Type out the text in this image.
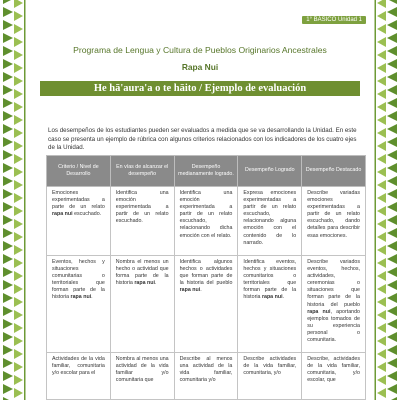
1° BÁSICO Unidad 1
Programa de Lengua y Cultura de Pueblos Originarios Ancestrales
Rapa Nui
He hā'aura'a o te hāito / Ejemplo de evaluación

Los desempeños de los estudiantes pueden ser evaluados a medida que se va desarrollando la Unidad. En este caso se presenta un ejemplo de rúbrica con algunos criterios relacionados con los indicadores de los cuatro ejes de la Unidad.

Criterio / Nivel de Desarrollo	En vías de alcanzar el desempeño	Desempeño medianamente logrado.	Desempeño Logrado	Desempeño Destacado
Emociones experimentadas a parte de un relato rapa nui escuchado.	Identifica una emoción experimentada a partir de un relato escuchado.	Identifica una emoción experimentada a partir de un relato escuchado, relacionando dicha emoción con el relato.	Expresa emociones experimentadas a partir de un relato escuchado, relacionando alguna emoción con el contenido de lo narrado.	Describe variadas emociones experimentadas a partir de un relato escuchado, dando detalles para describir esas emociones.
Eventos, hechos y situaciones comunitarias o territoriales que forman parte de la historia rapa nui.	Nombra el menos un hecho o actividad que forma parte de la historia rapa nui.	Identifica algunos hechos o actividades que forman parte de la historia del pueblo rapa nui.	Identifica eventos, hechos y situaciones comunitarios o territoriales que forman parte de la historia rapa nui.	Describe variados eventos, hechos, actividades, ceremonias o situaciones que forman parte de la historia del pueblo rapa nui, aportando ejemplos tomados de su experiencia personal o comunitaria.
Actividades de la vida familiar, comunitaria y/o escolar para el	Nombra al menos una actividad de la vida familiar y/o comunitaria que	Describe al menos una actividad de la vida familiar, comunitaria y/o	Describe actividades de la vida familiar, comunitaria, y/o	Describe, actividades de la vida familiar, comunitaria, y/o escolar, que
